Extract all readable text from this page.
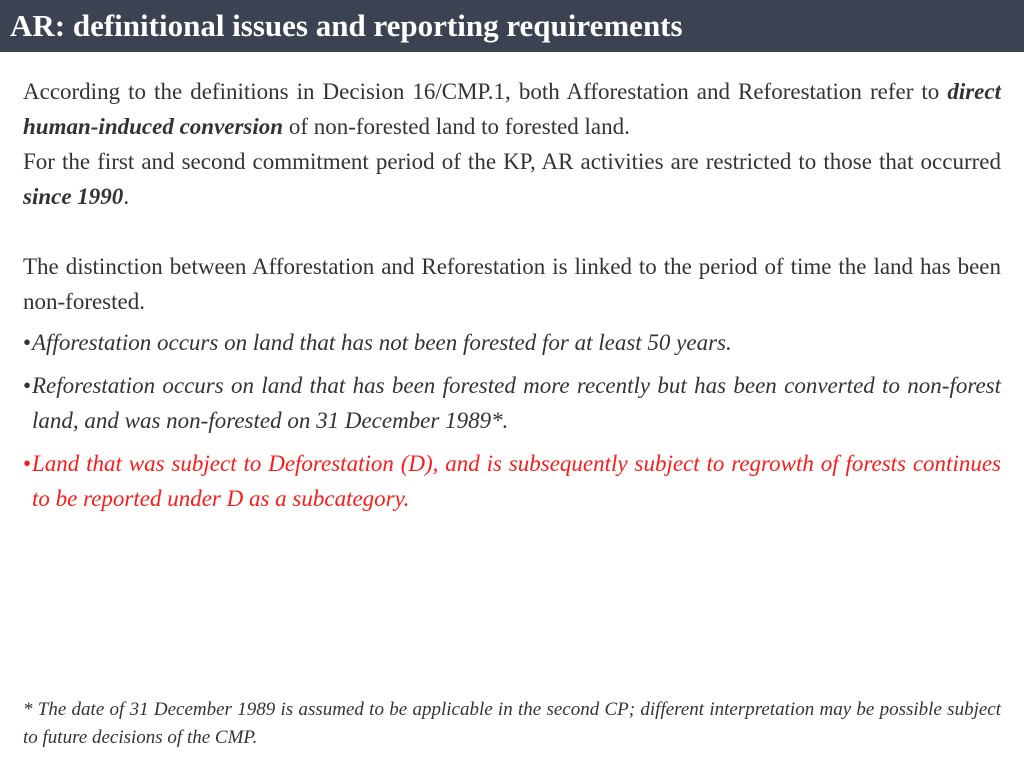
AR: definitional issues and reporting requirements

According to the definitions in Decision 16/CMP.1, both Afforestation and Reforestation refer to direct human-induced conversion of non-forested land to forested land.

For the first and second commitment period of the KP, AR activities are restricted to those that occurred since 1990.

The distinction between Afforestation and Reforestation is linked to the period of time the land has been non-forested.

• Afforestation occurs on land that has not been forested for at least 50 years.
• Reforestation occurs on land that has been forested more recently but has been converted to non-forest land, and was non-forested on 31 December 1989*.
• Land that was subject to Deforestation (D), and is subsequently subject to regrowth of forests continues to be reported under D as a subcategory.

* The date of 31 December 1989 is assumed to be applicable in the second CP; different interpretation may be possible subject to future decisions of the CMP.
